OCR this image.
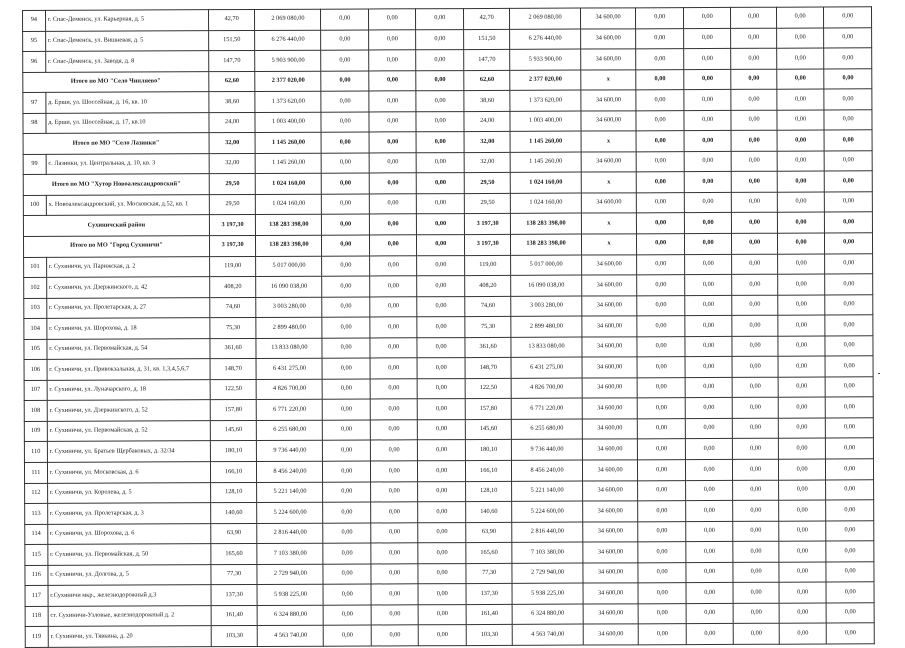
94	г. Спас-Деменск, ул. Карьерная, д. 5	42,70	2 069 080,00	0,00	0,00	0,00	42,70	2 069 080,00	34 600,00	0,00	0,00	0,00	0,00	0,00
95	г. Спас-Деменск, ул. Вишневая, д. 5	151,50	6 276 440,00	0,00	0,00	0,00	151,50	6 276 440,00	34 600,00	0,00	0,00	0,00	0,00	0,00
96	г. Спас-Деменск, ул. Заводя, д. 8	147,70	5 903 900,00	0,00	0,00	0,00	147,70	5 933 900,00	34 600,00	0,00	0,00	0,00	0,00	0,00
Итого по МО "Село Чипляево"		62,60	2 377 020,00	0,00	0,00	0,00	62,60	2 377 020,00	x	0,00	0,00	0,00	0,00	0,00
97	д. Ерши, ул. Шоссейная, д. 16, кв. 10	38,60	1 373 620,00	0,00	0,00	0,00	38,60	1 373 620,00	34 600,00	0,00	0,00	0,00	0,00	0,00
98	д. Ерши, ул. Шоссейная, д. 17, кв.10	24,00	1 003 400,00	0,00	0,00	0,00	24,00	1 003 400,00	34 600,00	0,00	0,00	0,00	0,00	0,00
Итого по МО "Село Лазинки"		32,00	1 145 260,00	0,00	0,00	0,00	32,00	1 145 260,00	x	0,00	0,00	0,00	0,00	0,00
99	с. Лазинки, ул. Центральная, д. 10, кв. 3	32,00	1 145 260,00	0,00	0,00	0,00	32,00	1 145 260,00	34 600,00	0,00	0,00	0,00	0,00	0,00
Итого по МО "Хутор Новоалександровский"		29,50	1 024 160,00	0,00	0,00	0,00	29,50	1 024 160,00	x	0,00	0,00	0,00	0,00	0,00
100	х. Новоалександровский, ул. Московская, д.52, кв. 1	29,50	1 024 160,00	0,00	0,00	0,00	29,50	1 024 160,00	34 600,00	0,00	0,00	0,00	0,00	0,00
Сухиничский район		3 197,30	138 283 398,00	0,00	0,00	0,00	3 197,30	138 283 398,00	x	0,00	0,00	0,00	0,00	0,00
Итого по МО "Город Сухиничи"		3 197,30	138 283 398,00	0,00	0,00	0,00	3 197,30	138 283 398,00	x	0,00	0,00	0,00	0,00	0,00
101	г. Сухиничи, ул. Парижская, д. 2	119,00	5 017 000,00	0,00	0,00	0,00	119,00	5 017 000,00	34 600,00	0,00	0,00	0,00	0,00	0,00
102	г. Сухиничи, ул. Дзержинского, д. 42	408,20	16 090 038,00	0,00	0,00	0,00	408,20	16 090 038,00	34 600,00	0,00	0,00	0,00	0,00	0,00
103	г. Сухиничи, ул. Пролетарская, д. 27	74,60	3 003 280,00	0,00	0,00	0,00	74,60	3 003 280,00	34 600,00	0,00	0,00	0,00	0,00	0,00
104	г. Сухиничи, ул. Шорохова, д. 18	75,30	2 899 480,00	0,00	0,00	0,00	75,30	2 899 480,00	34 600,00	0,00	0,00	0,00	0,00	0,00
105	г. Сухиничи, ул. Первомайская, д. 54	361,60	13 833 080,00	0,00	0,00	0,00	361,60	13 833 080,00	34 600,00	0,00	0,00	0,00	0,00	0,00
106	г. Сухиничи, ул. Привокзальная, д. 31, кв. 1,3,4,5,6,7	148,70	6 431 275,00	0,00	0,00	0,00	148,70	6 431 275,00	34 600,00	0,00	0,00	0,00	0,00	0,00
107	г. Сухиничи, ул. Луначарского, д. 18	122,50	4 826 700,00	0,00	0,00	0,00	122,50	4 826 700,00	34 600,00	0,00	0,00	0,00	0,00	0,00
108	г. Сухиничи, ул. Дзержинского, д. 52	157,80	6 771 220,00	0,00	0,00	0,00	157,80	6 771 220,00	34 600,00	0,00	0,00	0,00	0,00	0,00
109	г. Сухиничи, ул. Первомайская, д. 52	145,60	6 255 680,00	0,00	0,00	0,00	145,60	6 255 680,00	34 600,00	0,00	0,00	0,00	0,00	0,00
110	г. Сухиничи, ул. Братьев Щербаковых, д. 32/34	180,10	9 736 440,00	0,00	0,00	0,00	180,10	9 736 440,00	34 600,00	0,00	0,00	0,00	0,00	0,00
111	г. Сухиничи, ул. Московская, д. 6	166,10	8 456 240,00	0,00	0,00	0,00	166,10	8 456 240,00	34 600,00	0,00	0,00	0,00	0,00	0,00
112	г. Сухиничи, ул. Королева, д. 5	128,10	5 221 140,00	0,00	0,00	0,00	128,10	5 221 140,00	34 600,00	0,00	0,00	0,00	0,00	0,00
113	г. Сухиничи, ул. Пролетарская, д. 3	140,60	5 224 600,00	0,00	0,00	0,00	140,60	5 224 600,00	34 600,00	0,00	0,00	0,00	0,00	0,00
114	г. Сухиничи, ул. Шорохова, д. 6	63,90	2 816 440,00	0,00	0,00	0,00	63,90	2 816 440,00	34 600,00	0,00	0,00	0,00	0,00	0,00
115	г. Сухиничи, ул. Первомайская, д. 50	165,60	7 103 380,00	0,00	0,00	0,00	165,60	7 103 380,00	34 600,00	0,00	0,00	0,00	0,00	0,00
116	г. Сухиничи, ул. Долгова, д. 5	77,30	2 729 940,00	0,00	0,00	0,00	77,30	2 729 940,00	34 600,00	0,00	0,00	0,00	0,00	0,00
117	г.Сухиничи мкр., железнодорожный д.3	137,30	5 938 225,00	0,00	0,00	0,00	137,30	5 938 225,00	34 600,00	0,00	0,00	0,00	0,00	0,00
118	ст. Сухиничи-Узловые, железнодорожный д. 2	161,40	6 324 880,00	0,00	0,00	0,00	161,40	6 324 880,00	34 600,00	0,00	0,00	0,00	0,00	0,00
119	г. Сухиничи, ул. Тявкина, д. 20	103,30	4 563 740,00	0,00	0,00	0,00	103,30	4 563 740,00	34 600,00	0,00	0,00	0,00	0,00	0,00
